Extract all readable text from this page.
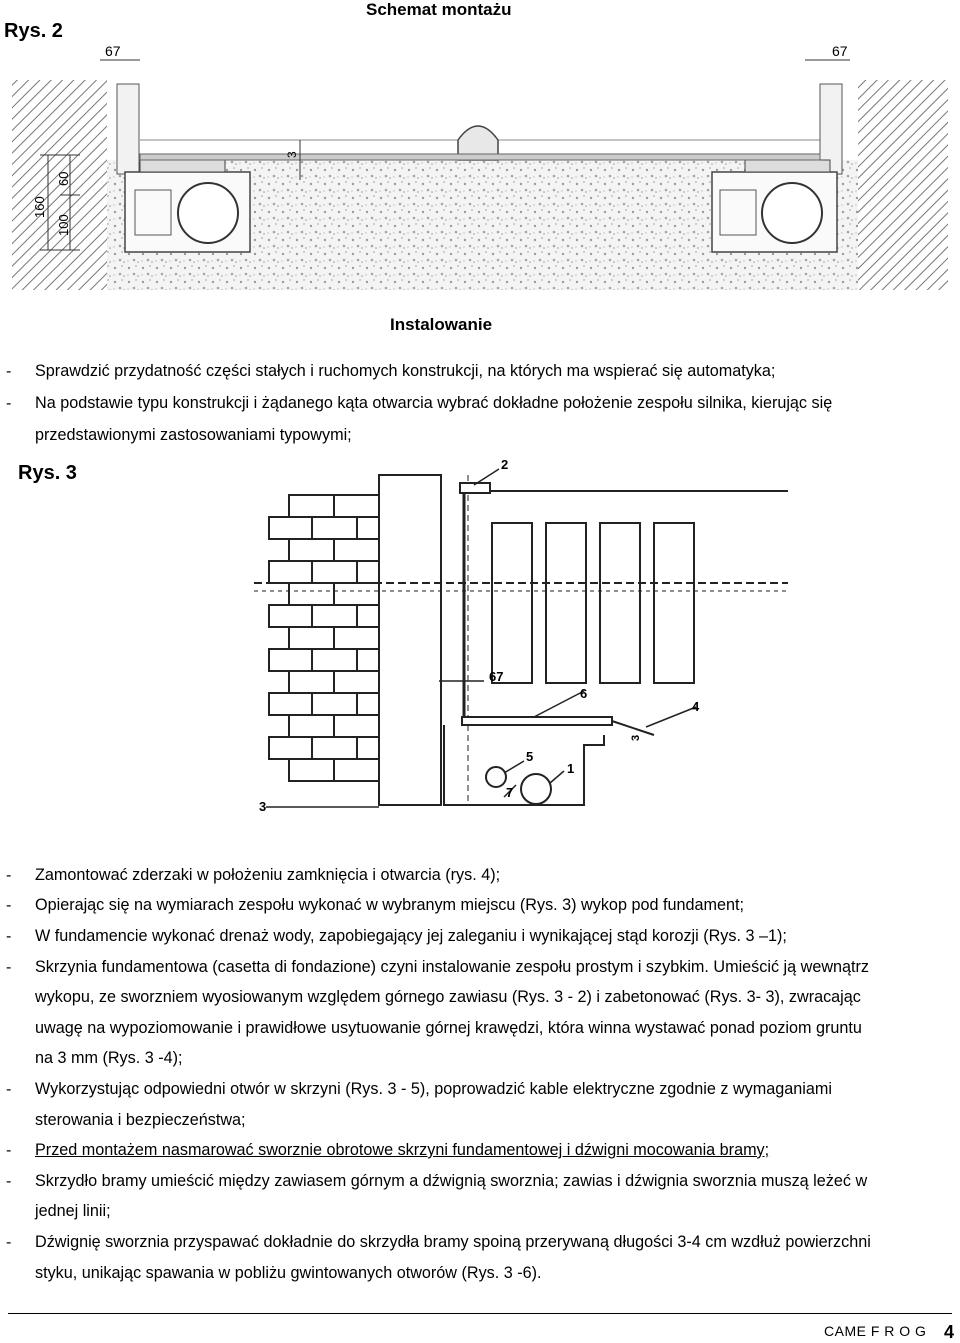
Schemat montażu
Rys. 2
67	67
160
100
60
3
Instalowanie
- Sprawdzić przydatność części stałych i ruchomych konstrukcji, na których ma wspierać się automatyka;
- Na podstawie typu konstrukcji i żądanego kąta otwarcia wybrać dokładne położenie zespołu silnika, kierując się
przedstawionymi zastosowaniami typowymi;
Rys. 3	2
67
6
4
3
5
1
7
3
- Zamontować zderzaki w położeniu zamknięcia i otwarcia (rys. 4);
- Opierając się na wymiarach zespołu wykonać w wybranym miejscu (Rys. 3) wykop pod fundament;
- W fundamencie wykonać drenaż wody, zapobiegający jej zaleganiu i wynikającej stąd korozji (Rys. 3 –1);
- Skrzynia fundamentowa (casetta di fondazione) czyni instalowanie zespołu prostym i szybkim. Umieścić ją wewnątrz
wykopu, ze sworzniem wyosiowanym względem górnego zawiasu (Rys. 3 - 2) i zabetonować (Rys. 3- 3), zwracając
uwagę na wypoziomowanie i prawidłowe usytuowanie górnej krawędzi, która winna wystawać ponad poziom gruntu
na 3 mm (Rys. 3 -4);
- Wykorzystując odpowiedni otwór w skrzyni (Rys. 3 - 5), poprowadzić kable elektryczne zgodnie z wymaganiami
sterowania i bezpieczeństwa;
- Przed montażem nasmarować sworznie obrotowe skrzyni fundamentowej i dźwigni mocowania bramy;
- Skrzydło bramy umieścić między zawiasem górnym a dźwignią sworznia; zawias i dźwignia sworznia muszą leżeć w
jednej linii;
- Dźwignię sworznia przyspawać dokładnie do skrzydła bramy spoiną przerywaną długości 3-4 cm wzdłuż powierzchni
styku, unikając spawania w pobliżu gwintowanych otworów (Rys. 3 -6).
CAME F R O G 4
